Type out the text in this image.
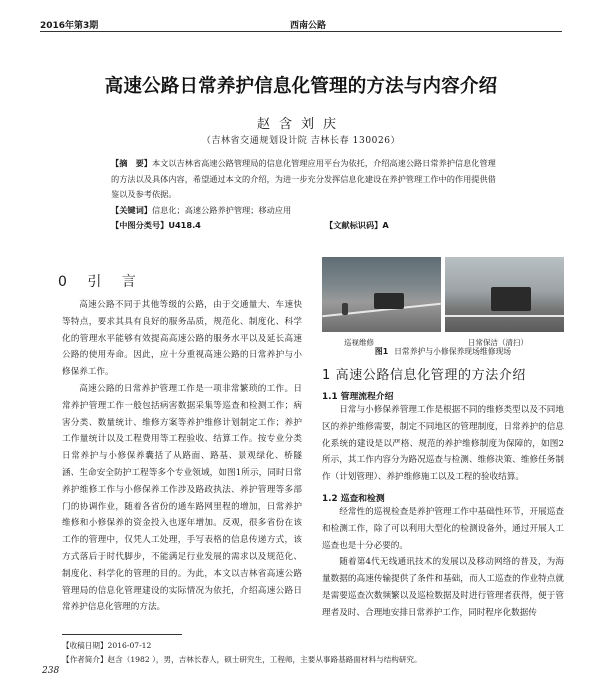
2016年第3期	西南公路
高速公路日常养护信息化管理的方法与内容介绍
赵含刘庆
（吉林省交通规划设计院 吉林长春 130026）

【摘　要】本文以吉林省高速公路管理局的信息化管理应用平台为依托，介绍高速公路日常养护信息化管理的方法以及具体内容，希望通过本文的介绍，为进一步充分发挥信息化建设在养护管理工作中的作用提供借鉴以及参考依据。

【关键词】信息化；高速公路养护管理；移动应用

【中图分类号】U418.4	【文献标识码】A
0 引 言

高速公路不同于其他等级的公路，由于交通量大、车速快等特点，要求其具有良好的服务品质，规范化、制度化、科学化的管理水平能够有效提高高速公路的服务水平以及延长高速公路的使用寿命。因此，应十分重视高速公路的日常养护与小修保养工作。

高速公路的日常养护管理工作是一项非常繁琐的工作。日常养护管理工作一般包括病害数据采集等巡查和检测工作；病害分类、数量统计、维修方案等养护维修计划制定工作；养护工作量统计以及工程费用等工程验收、结算工作。按专业分类日常养护与小修保养囊括了从路面、路基、景观绿化、桥隧涵、生命安全防护工程等多个专业领域，如图1所示，同时日常养护维修工作与小修保养工作涉及路政执法、养护管理等多部门的协调作业，随着各省份的通车路网里程的增加，日常养护维修和小修保养的资金投入也逐年增加。反观，很多省份在该工作的管理中，仅凭人工处理，手写表格的信息传递方式，该方式落后于时代脚步，不能满足行业发展的需求以及规范化、制度化、科学化的管理的目的。为此，本文以吉林省高速公路管理局的信息化管理建设的实际情况为依托，介绍高速公路日常养护信息化管理的方法。

巡视维修	日常保洁（清扫）
图1 日常养护与小修保养现场维修现场
1 高速公路信息化管理的方法介绍
1.1 管理流程介绍

日常与小修保养管理工作是根据不同的维修类型以及不同地区的养护维修需要，制定不同地区的管理制度，日常养护的信息化系统的建设是以严格、规范的养护维修制度为保障的，如图2所示，其工作内容分为路况巡查与检测、维修决策、维修任务制作（计划管理）、养护维修施工以及工程的验收结算。

1.2 巡查和检测

经常性的巡视检查是养护管理工作中基础性环节，开展巡查和检测工作，除了可以利用大型化的检测设备外，通过开展人工巡查也是十分必要的。

随着第4代无线通讯技术的发展以及移动网络的普及，为海量数据的高速传输提供了条件和基础，而人工巡查的作业特点就是需要巡查次数频繁以及巡检数据及时进行管理者获得，便于管理者及时、合理地安排日常养护工作，同时程序化数据传

【收稿日期】2016-07-12
【作者简介】赵含（1982 ），男，吉林长春人，硕士研究生，工程师，主要从事路基路面材料与结构研究。
238
